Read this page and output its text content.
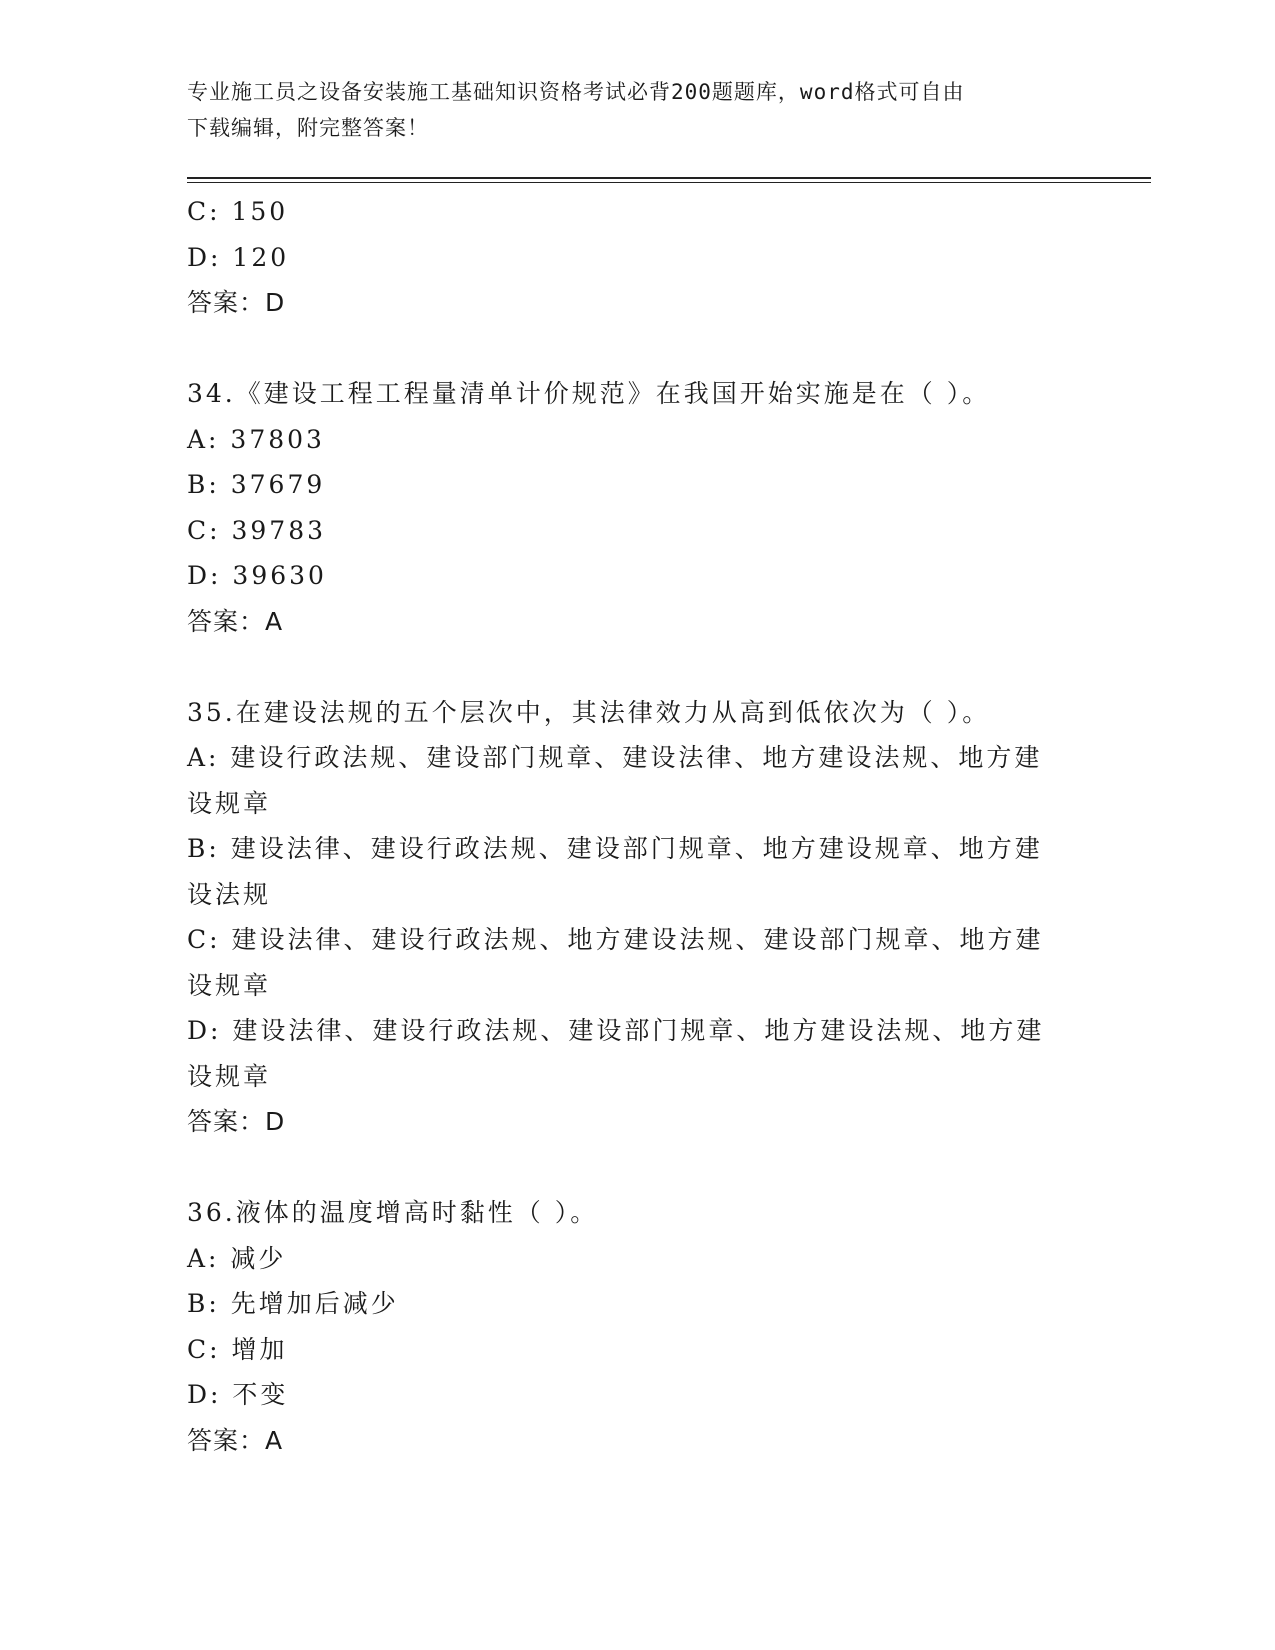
专业施工员之设备安装施工基础知识资格考试必背200题题库，word格式可自由
下载编辑，附完整答案！
C: 150
D: 120
答案：D
34.《建设工程工程量清单计价规范》在我国开始实施是在（ ）。
A: 37803
B: 37679
C: 39783
D: 39630
答案：A
35.在建设法规的五个层次中，其法律效力从高到低依次为（ ）。
A: 建设行政法规、建设部门规章、建设法律、地方建设法规、地方建
设规章
B: 建设法律、建设行政法规、建设部门规章、地方建设规章、地方建
设法规
C: 建设法律、建设行政法规、地方建设法规、建设部门规章、地方建
设规章
D: 建设法律、建设行政法规、建设部门规章、地方建设法规、地方建
设规章
答案：D
36.液体的温度增高时黏性（ ）。
A: 减少
B: 先增加后减少
C: 增加
D: 不变
答案：A
